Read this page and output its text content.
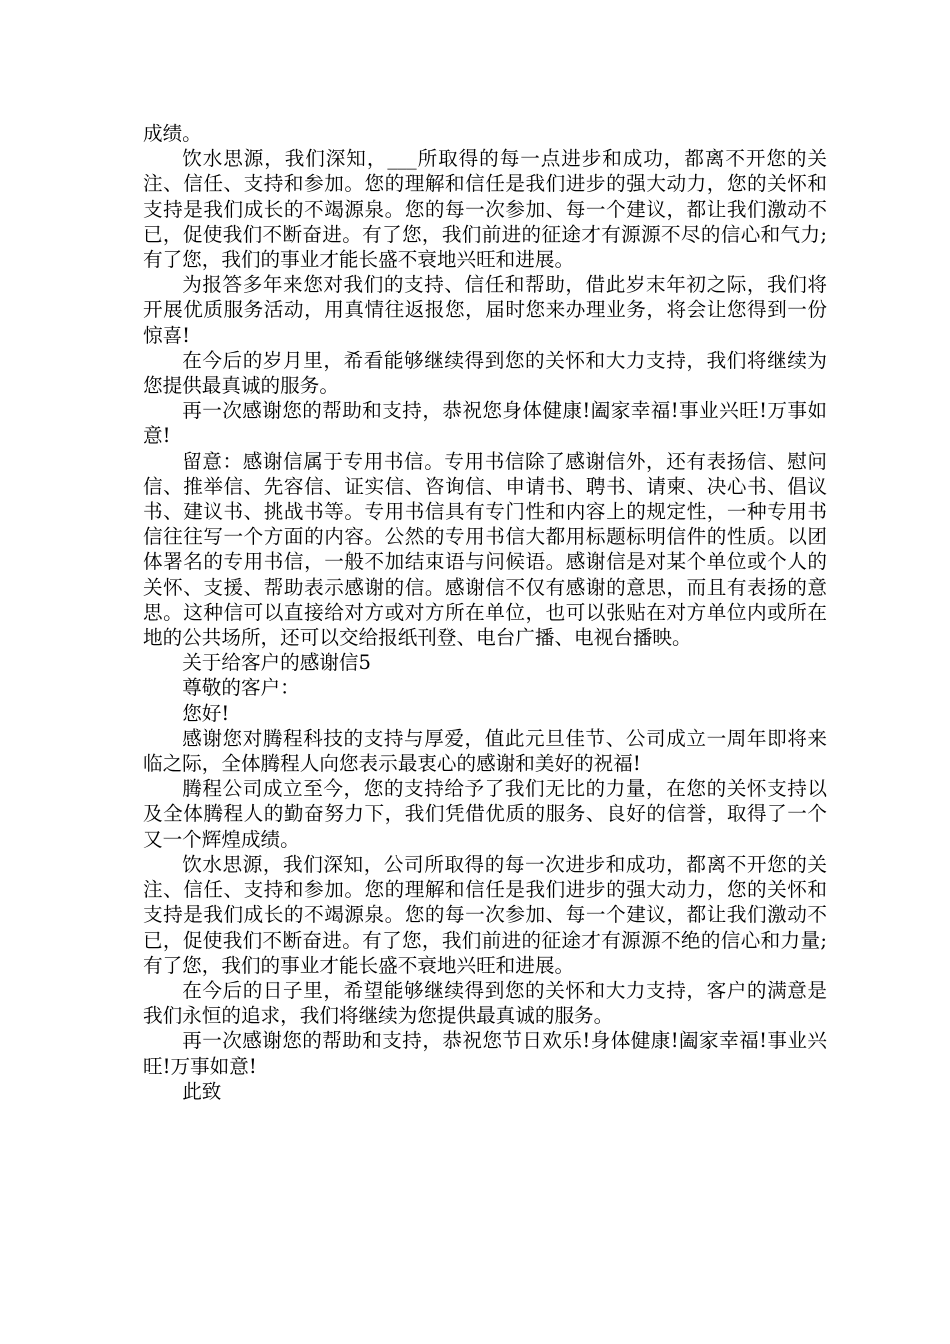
成绩。

饮水思源，我们深知，___所取得的每一点进步和成功，都离不开您的关注、信任、支持和参加。您的理解和信任是我们进步的强大动力，您的关怀和支持是我们成长的不竭源泉。您的每一次参加、每一个建议，都让我们激动不已，促使我们不断奋进。有了您，我们前进的征途才有源源不尽的信心和气力;有了您，我们的事业才能长盛不衰地兴旺和进展。

为报答多年来您对我们的支持、信任和帮助，借此岁末年初之际，我们将开展优质服务活动，用真情往返报您，届时您来办理业务，将会让您得到一份惊喜!

在今后的岁月里，希看能够继续得到您的关怀和大力支持，我们将继续为您提供最真诚的服务。

再一次感谢您的帮助和支持，恭祝您身体健康!阖家幸福!事业兴旺!万事如意!

留意：感谢信属于专用书信。专用书信除了感谢信外，还有表扬信、慰问信、推举信、先容信、证实信、咨询信、申请书、聘书、请柬、决心书、倡议书、建议书、挑战书等。专用书信具有专门性和内容上的规定性，一种专用书信往往写一个方面的内容。公然的专用书信大都用标题标明信件的性质。以团体署名的专用书信，一般不加结束语与问候语。感谢信是对某个单位或个人的关怀、支援、帮助表示感谢的信。感谢信不仅有感谢的意思，而且有表扬的意思。这种信可以直接给对方或对方所在单位，也可以张贴在对方单位内或所在地的公共场所，还可以交给报纸刊登、电台广播、电视台播映。

关于给客户的感谢信5

尊敬的客户：

您好!

感谢您对腾程科技的支持与厚爱，值此元旦佳节、公司成立一周年即将来临之际，全体腾程人向您表示最衷心的感谢和美好的祝福!

腾程公司成立至今，您的支持给予了我们无比的力量，在您的关怀支持以及全体腾程人的勤奋努力下，我们凭借优质的服务、良好的信誉，取得了一个又一个辉煌成绩。

饮水思源，我们深知，公司所取得的每一次进步和成功，都离不开您的关注、信任、支持和参加。您的理解和信任是我们进步的强大动力，您的关怀和支持是我们成长的不竭源泉。您的每一次参加、每一个建议，都让我们激动不已，促使我们不断奋进。有了您，我们前进的征途才有源源不绝的信心和力量;有了您，我们的事业才能长盛不衰地兴旺和进展。

在今后的日子里，希望能够继续得到您的关怀和大力支持，客户的满意是我们永恒的追求，我们将继续为您提供最真诚的服务。

再一次感谢您的帮助和支持，恭祝您节日欢乐!身体健康!阖家幸福!事业兴旺!万事如意!

此致
